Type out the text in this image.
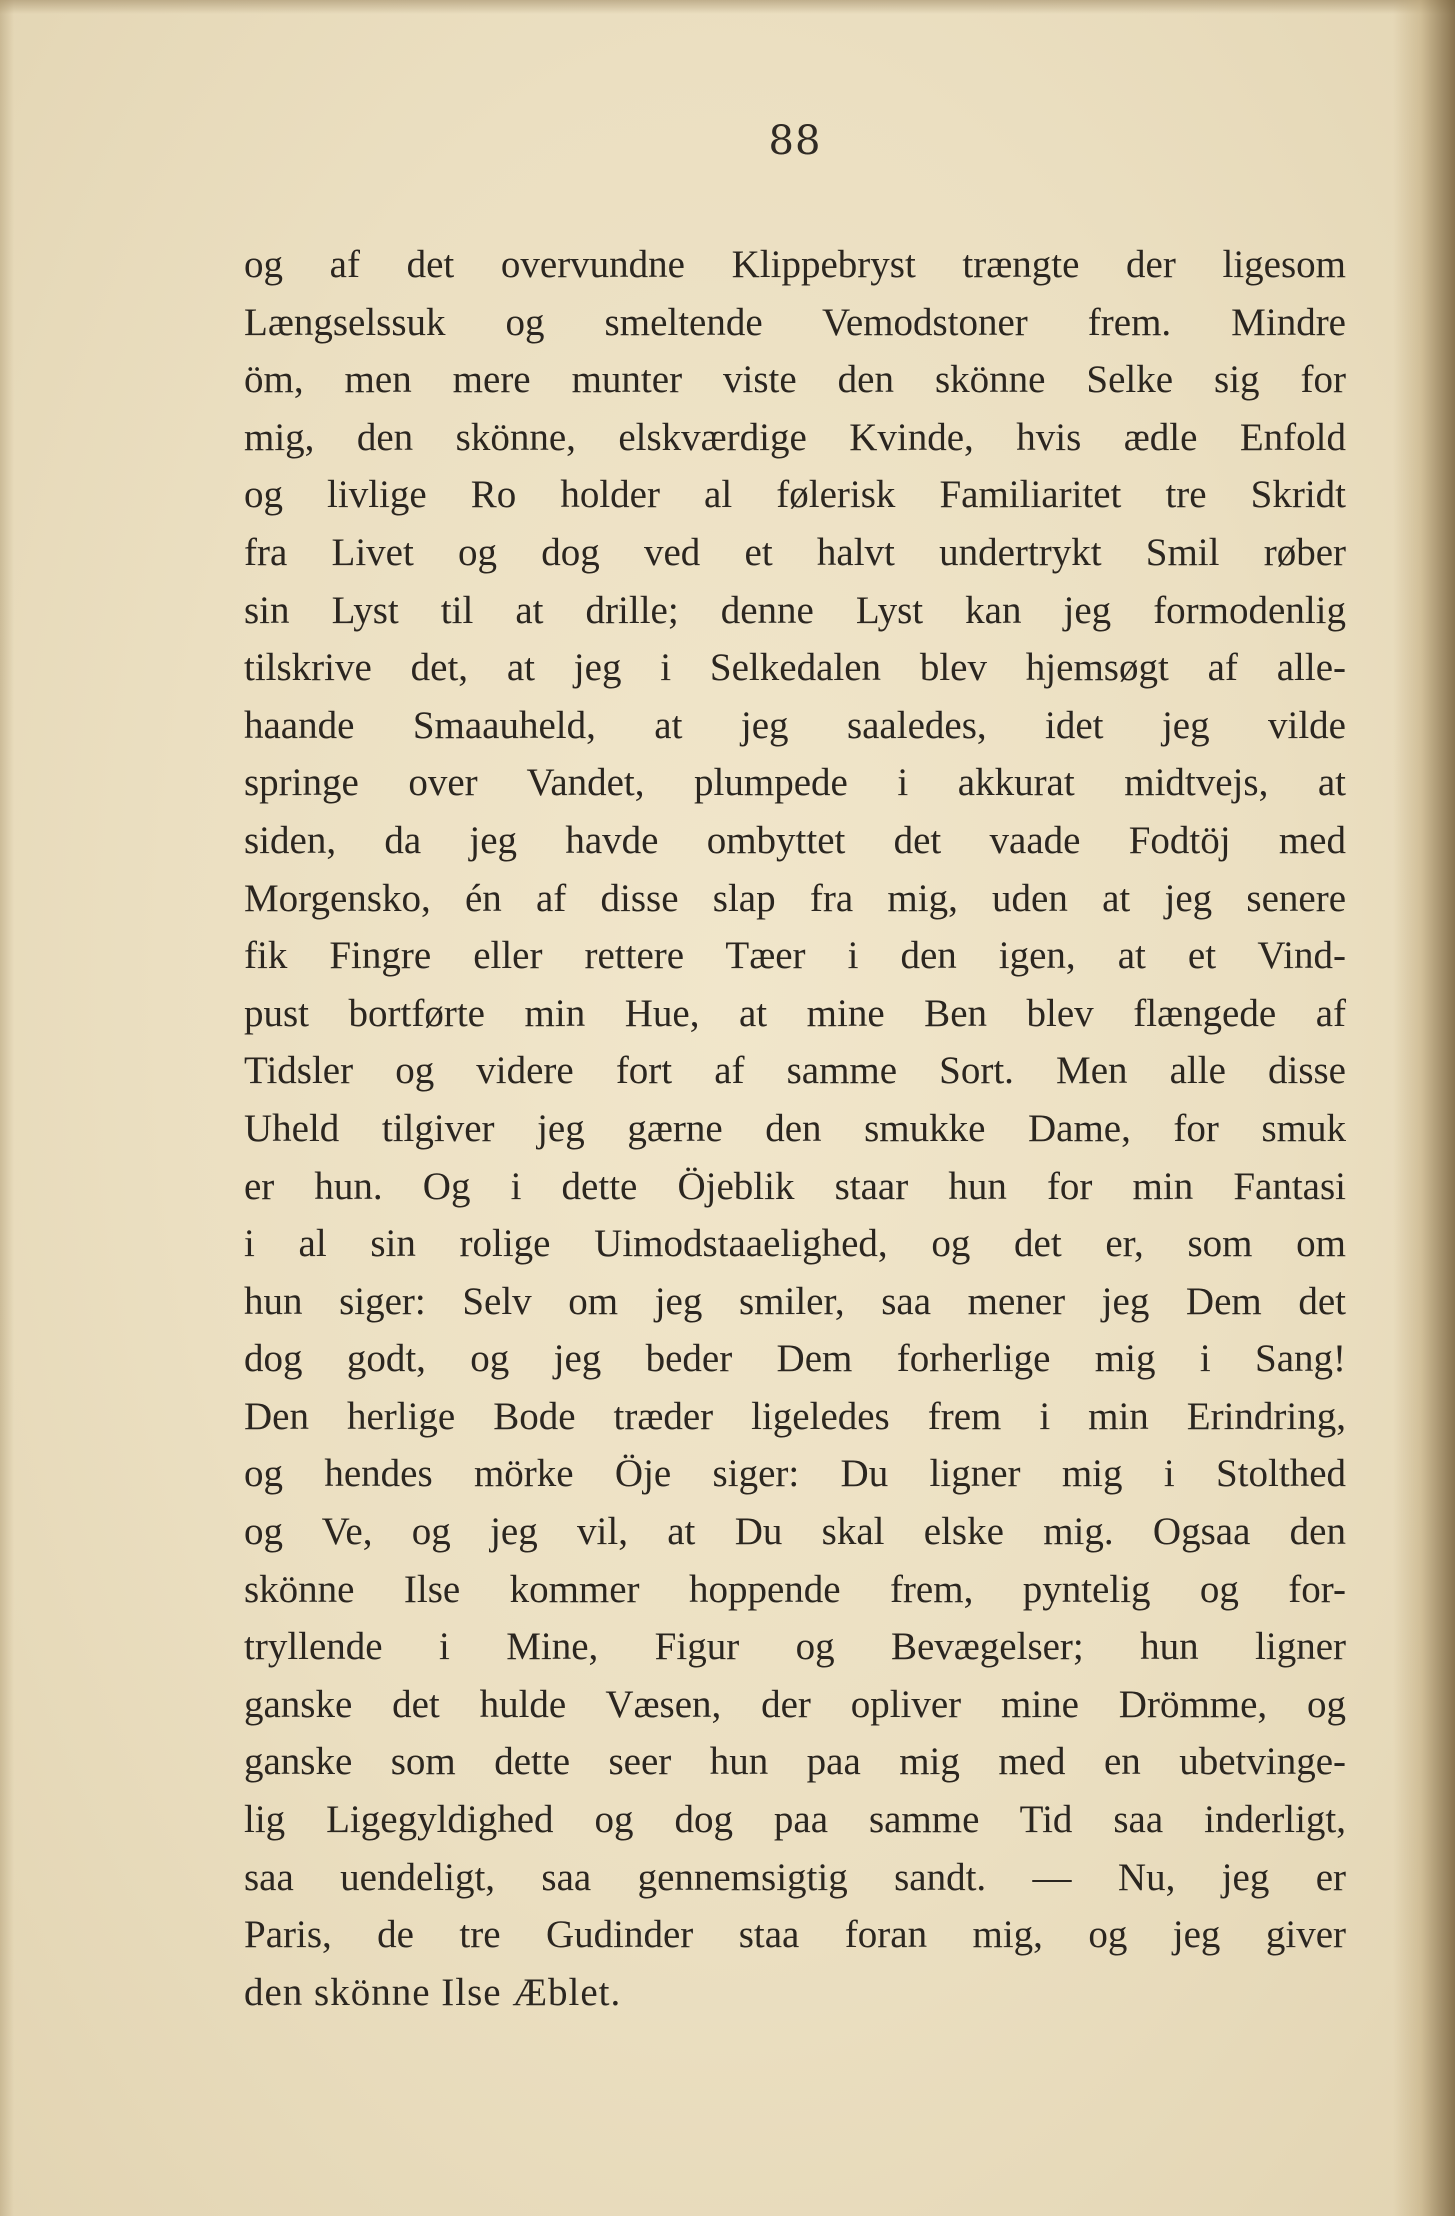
88
og af det overvundne Klippebryst trængte der ligesom
Længselssuk og smeltende Vemodstoner frem. Mindre
öm, men mere munter viste den skönne Selke sig for
mig, den skönne, elskværdige Kvinde, hvis ædle Enfold
og livlige Ro holder al følerisk Familiaritet tre Skridt
fra Livet og dog ved et halvt undertrykt Smil røber
sin Lyst til at drille; denne Lyst kan jeg formodenlig
tilskrive det, at jeg i Selkedalen blev hjemsøgt af alle-
haande Smaauheld, at jeg saaledes, idet jeg vilde
springe over Vandet, plumpede i akkurat midtvejs, at
siden, da jeg havde ombyttet det vaade Fodtöj med
Morgensko, én af disse slap fra mig, uden at jeg senere
fik Fingre eller rettere Tæer i den igen, at et Vind-
pust bortførte min Hue, at mine Ben blev flængede af
Tidsler og videre fort af samme Sort. Men alle disse
Uheld tilgiver jeg gærne den smukke Dame, for smuk
er hun. Og i dette Öjeblik staar hun for min Fantasi
i al sin rolige Uimodstaaelighed, og det er, som om
hun siger: Selv om jeg smiler, saa mener jeg Dem det
dog godt, og jeg beder Dem forherlige mig i Sang!
Den herlige Bode træder ligeledes frem i min Erindring,
og hendes mörke Öje siger: Du ligner mig i Stolthed
og Ve, og jeg vil, at Du skal elske mig. Ogsaa den
skönne Ilse kommer hoppende frem, pyntelig og for-
tryllende i Mine, Figur og Bevægelser; hun ligner
ganske det hulde Væsen, der opliver mine Drömme, og
ganske som dette seer hun paa mig med en ubetvinge-
lig Ligegyldighed og dog paa samme Tid saa inderligt,
saa uendeligt, saa gennemsigtig sandt. — Nu, jeg er
Paris, de tre Gudinder staa foran mig, og jeg giver
den skönne Ilse Æblet.
